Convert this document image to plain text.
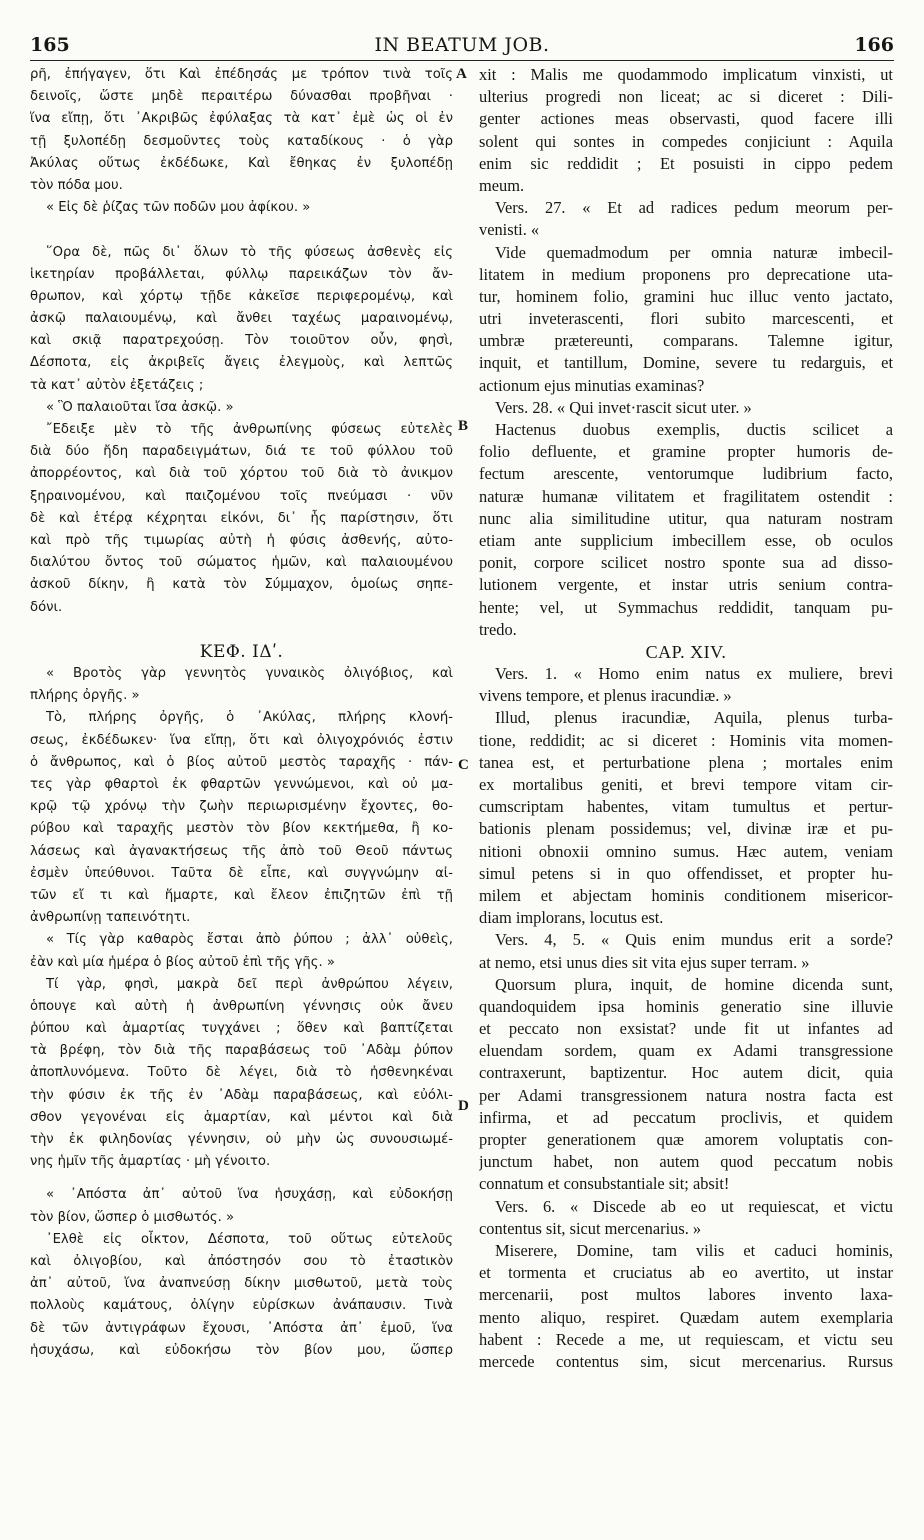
165	IN BEATUM JOB.	166
ρῆ, ἐπήγαγεν, ὅτι Καὶ ἐπέδησάς με τρόπον τινὰ τοῖς
δεινοῖς, ὥστε μηδὲ περαιτέρω δύνασθαι προβῆναι ·
ἵνα εἴπῃ, ὅτι ᾿Ακριβῶς ἐφύλαξας τὰ κατ᾿ ἐμὲ ὡς οἱ ἐν
τῇ ξυλοπέδῃ δεσμοῦντες τοὺς καταδίκους · ὁ γὰρ
Ἀκύλας οὕτως ἐκδέδωκε, Καὶ ἔθηκας ἐν ξυλοπέδῃ
τὸν πόδα μου.
« Εἰς δὲ ῥίζας τῶν ποδῶν μου ἀφίκου. »
῞Ορα δὲ, πῶς δι᾿ ὅλων τὸ τῆς φύσεως ἀσθενὲς εἰς
ἱκετηρίαν προβάλλεται, φύλλῳ παρεικάζων τὸν ἄν-
θρωπον, καὶ χόρτῳ τῇδε κἀκεῖσε περιφερομένῳ, καὶ
ἀσκῷ παλαιουμένῳ, καὶ ἄνθει ταχέως μαραινομένῳ,
καὶ σκιᾷ παρατρεχούσῃ. Τὸν τοιοῦτον οὖν, φησὶ,
Δέσποτα, εἰς ἀκριβεῖς ἄγεις ἐλεγμοὺς, καὶ λεπτῶς
τὰ κατ᾿ αὐτὸν ἐξετάζεις ;
« Ὃ παλαιοῦται ἴσα ἀσκῷ. »
῎Εδειξε μὲν τὸ τῆς ἀνθρωπίνης φύσεως εὐτελὲς
διὰ δύο ἤδη παραδειγμάτων, διά τε τοῦ φύλλου τοῦ
ἀπορρέοντος, καὶ διὰ τοῦ χόρτου τοῦ διὰ τὸ ἀνικμον
ξηραινομένου, καὶ παιζομένου τοῖς πνεύμασι · νῦν
δὲ καὶ ἑτέρᾳ κέχρηται εἰκόνι, δι᾿ ἧς παρίστησιν, ὅτι
καὶ πρὸ τῆς τιμωρίας αὐτὴ ἡ φύσις ἀσθενής, αὐτο-
διαλύτου ὄντος τοῦ σώματος ἡμῶν, καὶ παλαιουμένου
ἀσκοῦ δίκην, ἢ κατὰ τὸν Σύμμαχον, ὁμοίως σηπε-
δόνι.
ΚΕΦ. ΙΔʹ.
« Βροτὸς γὰρ γεννητὸς γυναικὸς ὀλιγόβιος, καὶ
πλήρης ὀργῆς. »
Τὸ, πλήρης ὀργῆς, ὁ ᾿Ακύλας, πλήρης κλονή-
σεως, ἐκδέδωκεν· ἵνα εἴπῃ, ὅτι καὶ ὀλιγοχρόνιός ἐστιν
ὁ ἄνθρωπος, καὶ ὁ βίος αὐτοῦ μεστὸς ταραχῆς · πάν-
τες γὰρ φθαρτοὶ ἐκ φθαρτῶν γεννώμενοι, καὶ οὐ μα-
κρῷ τῷ χρόνῳ τὴν ζωὴν περιωρισμένην ἔχοντες, θο-
ρύβου καὶ ταραχῆς μεστὸν τὸν βίον κεκτήμεθα, ἢ κο-
λάσεως καὶ ἀγανακτήσεως τῆς ἀπὸ τοῦ Θεοῦ πάντως
ἐσμὲν ὑπεύθυνοι. Ταῦτα δὲ εἶπε, καὶ συγγνώμην αἰ-
τῶν εἴ τι καὶ ἥμαρτε, καὶ ἔλεον ἐπιζητῶν ἐπὶ τῇ
ἀνθρωπίνῃ ταπεινότητι.
« Τίς γὰρ καθαρὸς ἔσται ἀπὸ ῥύπου ; ἀλλ᾿ οὐθεὶς,
ἐὰν καὶ μία ἡμέρα ὁ βίος αὐτοῦ ἐπὶ τῆς γῆς. »
Τί γὰρ, φησὶ, μακρὰ δεῖ περὶ ἀνθρώπου λέγειν,
ὁπουγε καὶ αὐτὴ ἡ ἀνθρωπίνη γέννησις οὐκ ἄνευ
ῥύπου καὶ ἁμαρτίας τυγχάνει ; ὅθεν καὶ βαπτίζεται
τὰ βρέφη, τὸν διὰ τῆς παραβάσεως τοῦ ᾿Αδὰμ ῥύπον
ἀποπλυνόμενα. Τοῦτο δὲ λέγει, διὰ τὸ ἠσθενηκέναι
τὴν φύσιν ἐκ τῆς ἐν ᾿Αδὰμ παραβάσεως, καὶ εὐόλι-
σθον γεγονέναι εἰς ἁμαρτίαν, καὶ μέντοι καὶ διὰ
τὴν ἐκ φιληδονίας γέννησιν, οὐ μὴν ὡς συνουσιωμέ-
νης ἡμῖν τῆς ἁμαρτίας · μὴ γένοιτο.
« ᾿Απόστα ἀπ᾿ αὐτοῦ ἵνα ἡσυχάσῃ, καὶ εὐδοκήσῃ
τὸν βίον, ὥσπερ ὁ μισθωτός. »
᾿Ελθὲ εἰς οἶκτον, Δέσποτα, τοῦ οὕτως εὐτελοῦς
καὶ ὀλιγοβίου, καὶ ἀπόστησόν σου τὸ ἐτασtικὸν
ἀπ᾿ αὐτοῦ, ἵνα ἀναπνεύσῃ δίκην μισθωτοῦ, μετὰ τοὺς
πολλοὺς καμάτους, ὀλίγην εὑρίσκων ἀνάπαυσιν. Τινὰ
δὲ τῶν ἀντιγράφων ἔχουσι, ᾿Απόστα ἀπ᾿ ἐμοῦ, ἵνα
ἡσυχάσω, καὶ εὐδοκήσω τὸν βίον μου, ὥσπερ
xit : Malis me quodammodo implicatum vinxisti, ut
ulterius progredi non liceat; ac si diceret : Dili-
genter actiones meas observasti, quod facere illi
solent qui sontes in compedes conjiciunt : Aquila
enim sic reddidit ; Et posuisti in cippo pedem
meum.
Vers. 27. « Et ad radices pedum meorum per-
venisti. «
Vide quemadmodum per omnia naturæ imbecil-
litatem in medium proponens pro deprecatione uta-
tur, hominem folio, gramini huc illuc vento jactato,
utri inveterascenti, flori subito marcescenti, et
umbræ prætereunti, comparans. Talemne igitur,
inquit, et tantillum, Domine, severe tu redarguis, et
actionum ejus minutias examinas?
Vers. 28. « Qui invet·rascit sicut uter. »
Hactenus duobus exemplis, ductis scilicet a
folio defluente, et gramine propter humoris de-
fectum arescente, ventorumque ludibrium facto,
naturæ humanæ vilitatem et fragilitatem ostendit :
nunc alia similitudine utitur, qua naturam nostram
etiam ante supplicium imbecillem esse, ob oculos
ponit, corpore scilicet nostro sponte sua ad disso-
lutionem vergente, et instar utris senium contra-
hente; vel, ut Symmachus reddidit, tanquam pu-
tredo.
CAP. XIV.
Vers. 1. « Homo enim natus ex muliere, brevi
vivens tempore, et plenus iracundiæ. »
Illud, plenus iracundiæ, Aquila, plenus turba-
tione, reddidit; ac si diceret : Hominis vita momen-
tanea est, et perturbatione plena ; mortales enim
ex mortalibus geniti, et brevi tempore vitam cir-
cumscriptam habentes, vitam tumultus et pertur-
bationis plenam possidemus; vel, divinæ iræ et pu-
nitioni obnoxii omnino sumus. Hæc autem, veniam
simul petens si in quo offendisset, et propter hu-
milem et abjectam hominis conditionem misericor-
diam implorans, locutus est.
Vers. 4, 5. « Quis enim mundus erit a sorde?
at nemo, etsi unus dies sit vita ejus super terram. »
Quorsum plura, inquit, de homine dicenda sunt,
quandoquidem ipsa hominis generatio sine illuvie
et peccato non exsistat? unde fit ut infantes ad
eluendam sordem, quam ex Adami transgressione
contraxerunt, baptizentur. Hoc autem dicit, quia
per Adami transgressionem natura nostra facta est
infirma, et ad peccatum proclivis, et quidem
propter generationem quæ amorem voluptatis con-
junctum habet, non autem quod peccatum nobis
connatum et consubstantiale sit; absit!
Vers. 6. « Discede ab eo ut requiescat, et victu
contentus sit, sicut mercenarius. »
Miserere, Domine, tam vilis et caduci hominis,
et tormenta et cruciatus ab eo avertito, ut instar
mercenarii, post multos labores invento laxa-
mento aliquo, respiret. Quædam autem exemplaria
habent : Recede a me, ut requiescam, et victu seu
mercede contentus sim, sicut mercenarius. Rursus
A
B
C
D
